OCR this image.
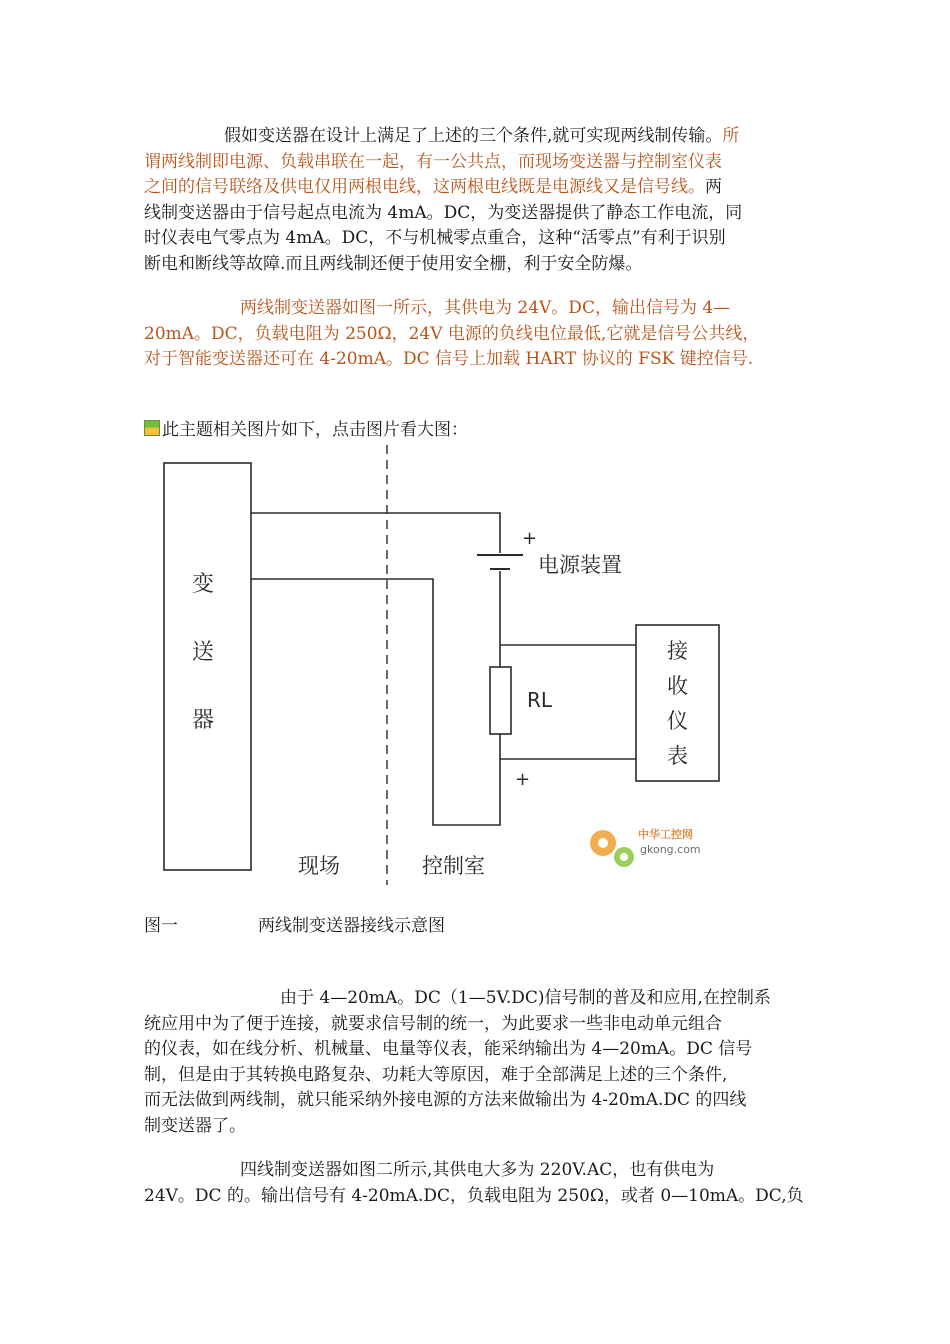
假如变送器在设计上满足了上述的三个条件,就可实现两线制传输。所
谓两线制即电源、负载串联在一起，有一公共点，而现场变送器与控制室仪表
之间的信号联络及供电仅用两根电线，这两根电线既是电源线又是信号线。两
线制变送器由于信号起点电流为 4mA。DC，为变送器提供了静态工作电流，同
时仪表电气零点为 4mA。DC，不与机械零点重合，这种“活零点”有利于识别
断电和断线等故障.而且两线制还便于使用安全栅，利于安全防爆。
两线制变送器如图一所示，其供电为 24V。DC，输出信号为 4—
20mA。DC，负载电阻为 250Ω，24V 电源的负线电位最低,它就是信号公共线，
对于智能变送器还可在 4-20mA。DC 信号上加载 HART 协议的 FSK 键控信号.
此主题相关图片如下，点击图片看大图：
变
送
器
+
电源装置
RL
+
接
收
仪
表
现场	控制室
中华工控网
gkong.com
图一	两线制变送器接线示意图
由于 4—20mA。DC（1—5V.DC)信号制的普及和应用,在控制系
统应用中为了便于连接，就要求信号制的统一，为此要求一些非电动单元组合
的仪表，如在线分析、机械量、电量等仪表，能采纳输出为 4—20mA。DC 信号
制，但是由于其转换电路复杂、功耗大等原因，难于全部满足上述的三个条件,
而无法做到两线制，就只能采纳外接电源的方法来做输出为 4-20mA.DC 的四线
制变送器了。
四线制变送器如图二所示,其供电大多为 220V.AC，也有供电为
24V。DC 的。输出信号有 4-20mA.DC，负载电阻为 250Ω，或者 0—10mA。DC,负
